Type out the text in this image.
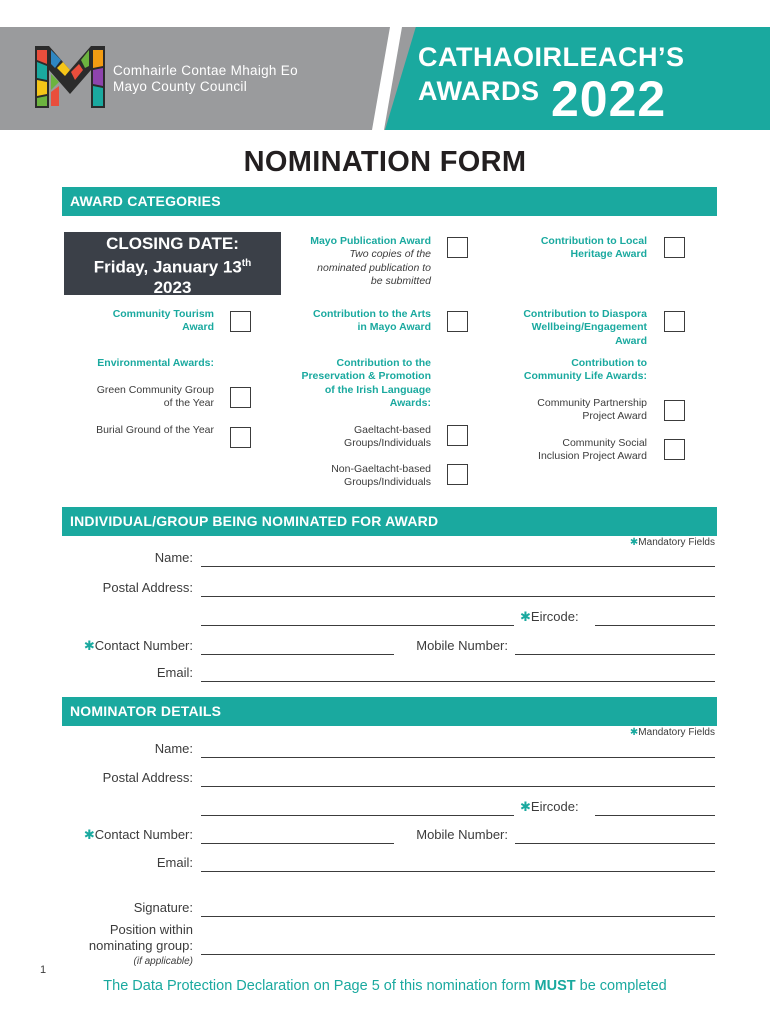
Comhairle Contae Mhaigh Eo
Mayo County Council
CATHAOIRLEACH’S
AWARDS 2022
NOMINATION FORM
AWARD CATEGORIES
CLOSING DATE:
Friday, January 13th
2023
Mayo Publication Award
Two copies of the
nominated publication to
be submitted
Contribution to Local
Heritage Award
Community Tourism
Award
Contribution to the Arts
in Mayo Award
Contribution to Diaspora
Wellbeing/Engagement
Award
Environmental Awards:
Green Community Group
of the Year
Burial Ground of the Year
Contribution to the
Preservation & Promotion
of the Irish Language
Awards:
Gaeltacht-based
Groups/Individuals
Non-Gaeltacht-based
Groups/Individuals
Contribution to
Community Life Awards:
Community Partnership
Project Award
Community Social
Inclusion Project Award
INDIVIDUAL/GROUP BEING NOMINATED FOR AWARD
✱Mandatory Fields
Name:
Postal Address:
✱Eircode:
✱Contact Number:	Mobile Number:
Email:
NOMINATOR DETAILS
✱Mandatory Fields
Name:
Postal Address:
✱Eircode:
✱Contact Number:	Mobile Number:
Email:
Signature:
Position within
nominating group:
(if applicable)
1
The Data Protection Declaration on Page 5 of this nomination form MUST be completed
